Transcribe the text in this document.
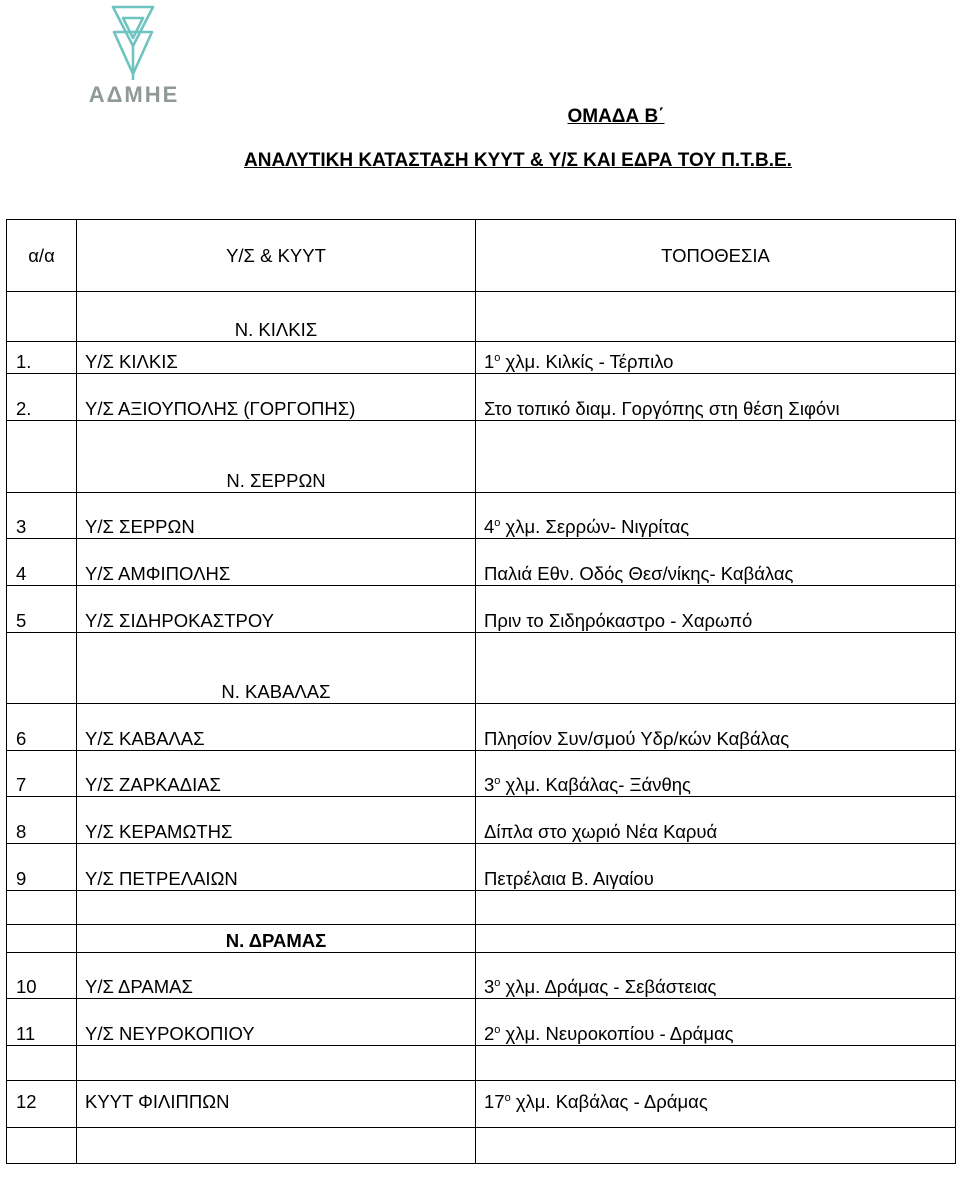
ΑΔΜΗΕ
ΟΜΑΔΑ Β΄
ΑΝΑΛΥΤΙΚΗ ΚΑΤΑΣΤΑΣΗ ΚΥΥΤ & Υ/Σ ΚΑΙ ΕΔΡΑ ΤΟΥ Π.Τ.Β.Ε.
α/α	Υ/Σ & ΚΥΥΤ	ΤΟΠΟΘΕΣΙΑ
	Ν. ΚΙΛΚΙΣ	
1.	Υ/Σ ΚΙΛΚΙΣ	$1^o$ χλμ. Κιλκίς - Τέρπιλο
2.	Υ/Σ ΑΞΙΟΥΠΟΛΗΣ (ΓΟΡΓΟΠΗΣ)	Στο τοπικό διαμ. Γοργόπης στη θέση Σιφόνι
	Ν. ΣΕΡΡΩΝ	
3	Υ/Σ ΣΕΡΡΩΝ	$4^o$ χλμ. Σερρών- Νιγρίτας
4	Υ/Σ ΑΜΦΙΠΟΛΗΣ	Παλιά Εθν. Οδός Θεσ/νίκης- Καβάλας
5	Υ/Σ ΣΙΔΗΡΟΚΑΣΤΡΟΥ	Πριν το Σιδηρόκαστρο - Χαρωπό
	Ν. ΚΑΒΑΛΑΣ	
6	Υ/Σ ΚΑΒΑΛΑΣ	Πλησίον Συν/σμού Υδρ/κών Καβάλας
7	Υ/Σ ΖΑΡΚΑΔΙΑΣ	$3^o$ χλμ. Καβάλας- Ξάνθης
8	Υ/Σ ΚΕΡΑΜΩΤΗΣ	Δίπλα στο χωριό Νέα Καρυά
9	Υ/Σ ΠΕΤΡΕΛΑΙΩΝ	Πετρέλαια Β. Αιγαίου

	Ν. ΔΡΑΜΑΣ	
10	Υ/Σ ΔΡΑΜΑΣ	$3^o$ χλμ. Δράμας - Σεβάστειας
11	Υ/Σ ΝΕΥΡΟΚΟΠΙΟΥ	$2^o$ χλμ. Νευροκοπίου - Δράμας

12	ΚΥΥΤ ΦΙΛΙΠΠΩΝ	$17^o$ χλμ. Καβάλας - Δράμας
